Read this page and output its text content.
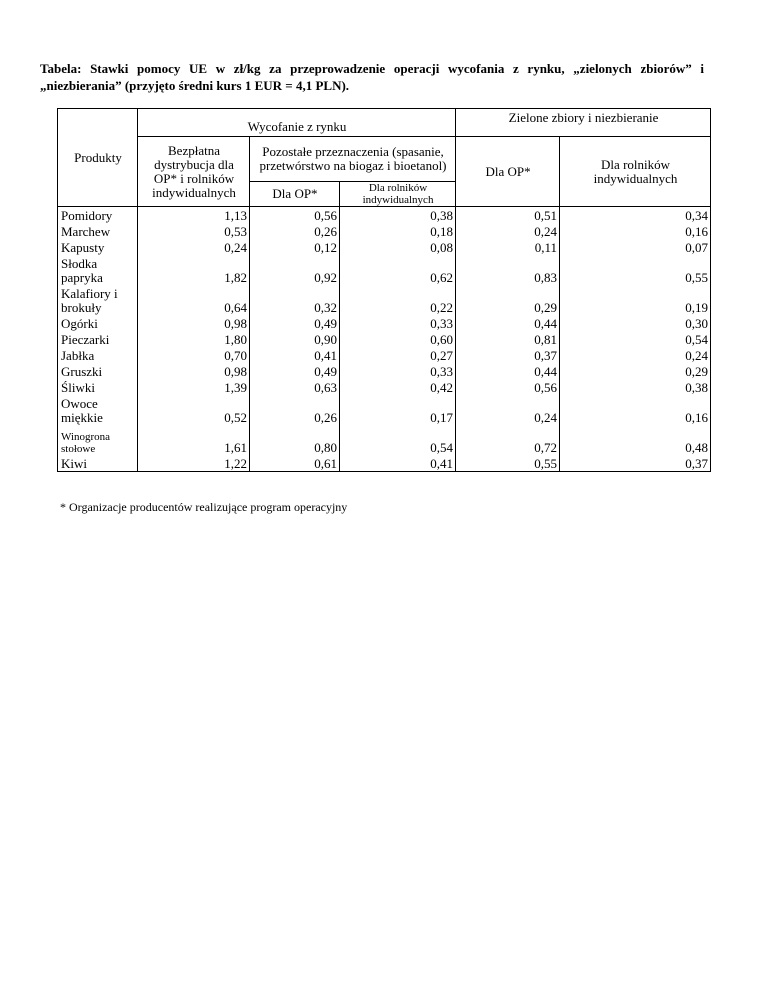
Tabela: Stawki pomocy UE w zł/kg za przeprowadzenie operacji wycofania z rynku, „zielonych zbiorów” i „niezbierania” (przyjęto średni kurs 1 EUR = 4,1 PLN).
Produkty	Wycofanie z rynku			Zielone zbiory i niezbieranie	
	Bezpłatna dystrybucja dla OP* i rolników indywidualnych	Pozostałe przeznaczenia (spasanie, przetwórstwo na biogaz i bioetanol)		Dla OP*	Dla rolników indywidualnych
		Dla OP*	Dla rolników indywidualnych		
Pomidory	1,13	0,56	0,38	0,51	0,34
Marchew	0,53	0,26	0,18	0,24	0,16
Kapusty	0,24	0,12	0,08	0,11	0,07
Słodka papryka	1,82	0,92	0,62	0,83	0,55
Kalafiory i brokuły	0,64	0,32	0,22	0,29	0,19
Ogórki	0,98	0,49	0,33	0,44	0,30
Pieczarki	1,80	0,90	0,60	0,81	0,54
Jabłka	0,70	0,41	0,27	0,37	0,24
Gruszki	0,98	0,49	0,33	0,44	0,29
Śliwki	1,39	0,63	0,42	0,56	0,38
Owoce miękkie	0,52	0,26	0,17	0,24	0,16
Winogrona stołowe	1,61	0,80	0,54	0,72	0,48
Kiwi	1,22	0,61	0,41	0,55	0,37
* Organizacje producentów realizujące program operacyjny
